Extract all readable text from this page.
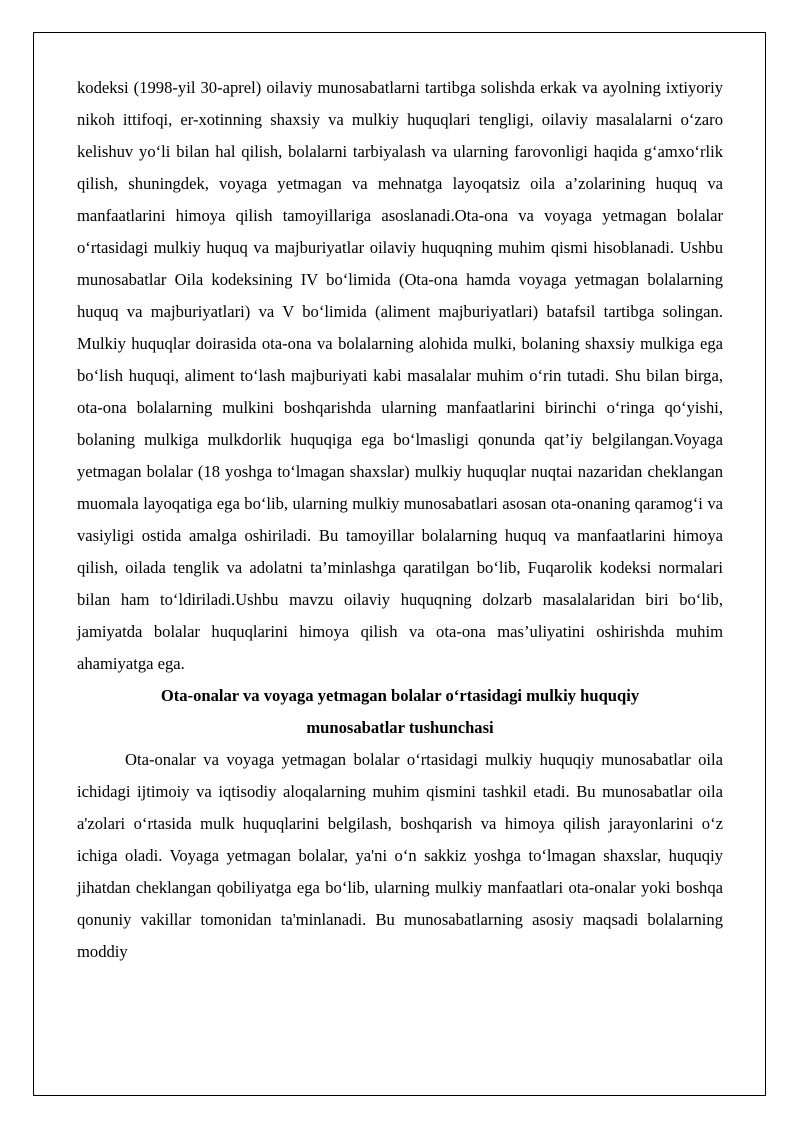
kodeksi (1998-yil 30-aprel) oilaviy munosabatlarni tartibga solishda erkak va ayolning ixtiyoriy nikoh ittifoqi, er-xotinning shaxsiy va mulkiy huquqlari tengligi, oilaviy masalalarni o‘zaro kelishuv yo‘li bilan hal qilish, bolalarni tarbiyalash va ularning farovonligi haqida g‘amxo‘rlik qilish, shuningdek, voyaga yetmagan va mehnatga layoqatsiz oila a’zolarining huquq va manfaatlarini himoya qilish tamoyillariga asoslanadi.Ota-ona va voyaga yetmagan bolalar o‘rtasidagi mulkiy huquq va majburiyatlar oilaviy huquqning muhim qismi hisoblanadi. Ushbu munosabatlar Oila kodeksining IV bo‘limida (Ota-ona hamda voyaga yetmagan bolalarning huquq va majburiyatlari) va V bo‘limida (aliment majburiyatlari) batafsil tartibga solingan. Mulkiy huquqlar doirasida ota-ona va bolalarning alohida mulki, bolaning shaxsiy mulkiga ega bo‘lish huquqi, aliment to‘lash majburiyati kabi masalalar muhim o‘rin tutadi. Shu bilan birga, ota-ona bolalarning mulkini boshqarishda ularning manfaatlarini birinchi o‘ringa qo‘yishi, bolaning mulkiga mulkdorlik huquqiga ega bo‘lmasligi qonunda qat’iy belgilangan.Voyaga yetmagan bolalar (18 yoshga to‘lmagan shaxslar) mulkiy huquqlar nuqtai nazaridan cheklangan muomala layoqatiga ega bo‘lib, ularning mulkiy munosabatlari asosan ota-onaning qaramog‘i va vasiyligi ostida amalga oshiriladi. Bu tamoyillar bolalarning huquq va manfaatlarini himoya qilish, oilada tenglik va adolatni ta’minlashga qaratilgan bo‘lib, Fuqarolik kodeksi normalari bilan ham to‘ldiriladi.Ushbu mavzu oilaviy huquqning dolzarb masalalaridan biri bo‘lib, jamiyatda bolalar huquqlarini himoya qilish va ota-ona mas’uliyatini oshirishda muhim ahamiyatga ega.

Ota-onalar va voyaga yetmagan bolalar o‘rtasidagi mulkiy huquqiy
munosabatlar tushunchasi

Ota-onalar va voyaga yetmagan bolalar o‘rtasidagi mulkiy huquqiy munosabatlar oila ichidagi ijtimoiy va iqtisodiy aloqalarning muhim qismini tashkil etadi. Bu munosabatlar oila a'zolari o‘rtasida mulk huquqlarini belgilash, boshqarish va himoya qilish jarayonlarini o‘z ichiga oladi. Voyaga yetmagan bolalar, ya'ni o‘n sakkiz yoshga to‘lmagan shaxslar, huquqiy jihatdan cheklangan qobiliyatga ega bo‘lib, ularning mulkiy manfaatlari ota-onalar yoki boshqa qonuniy vakillar tomonidan ta'minlanadi. Bu munosabatlarning asosiy maqsadi bolalarning moddiy
